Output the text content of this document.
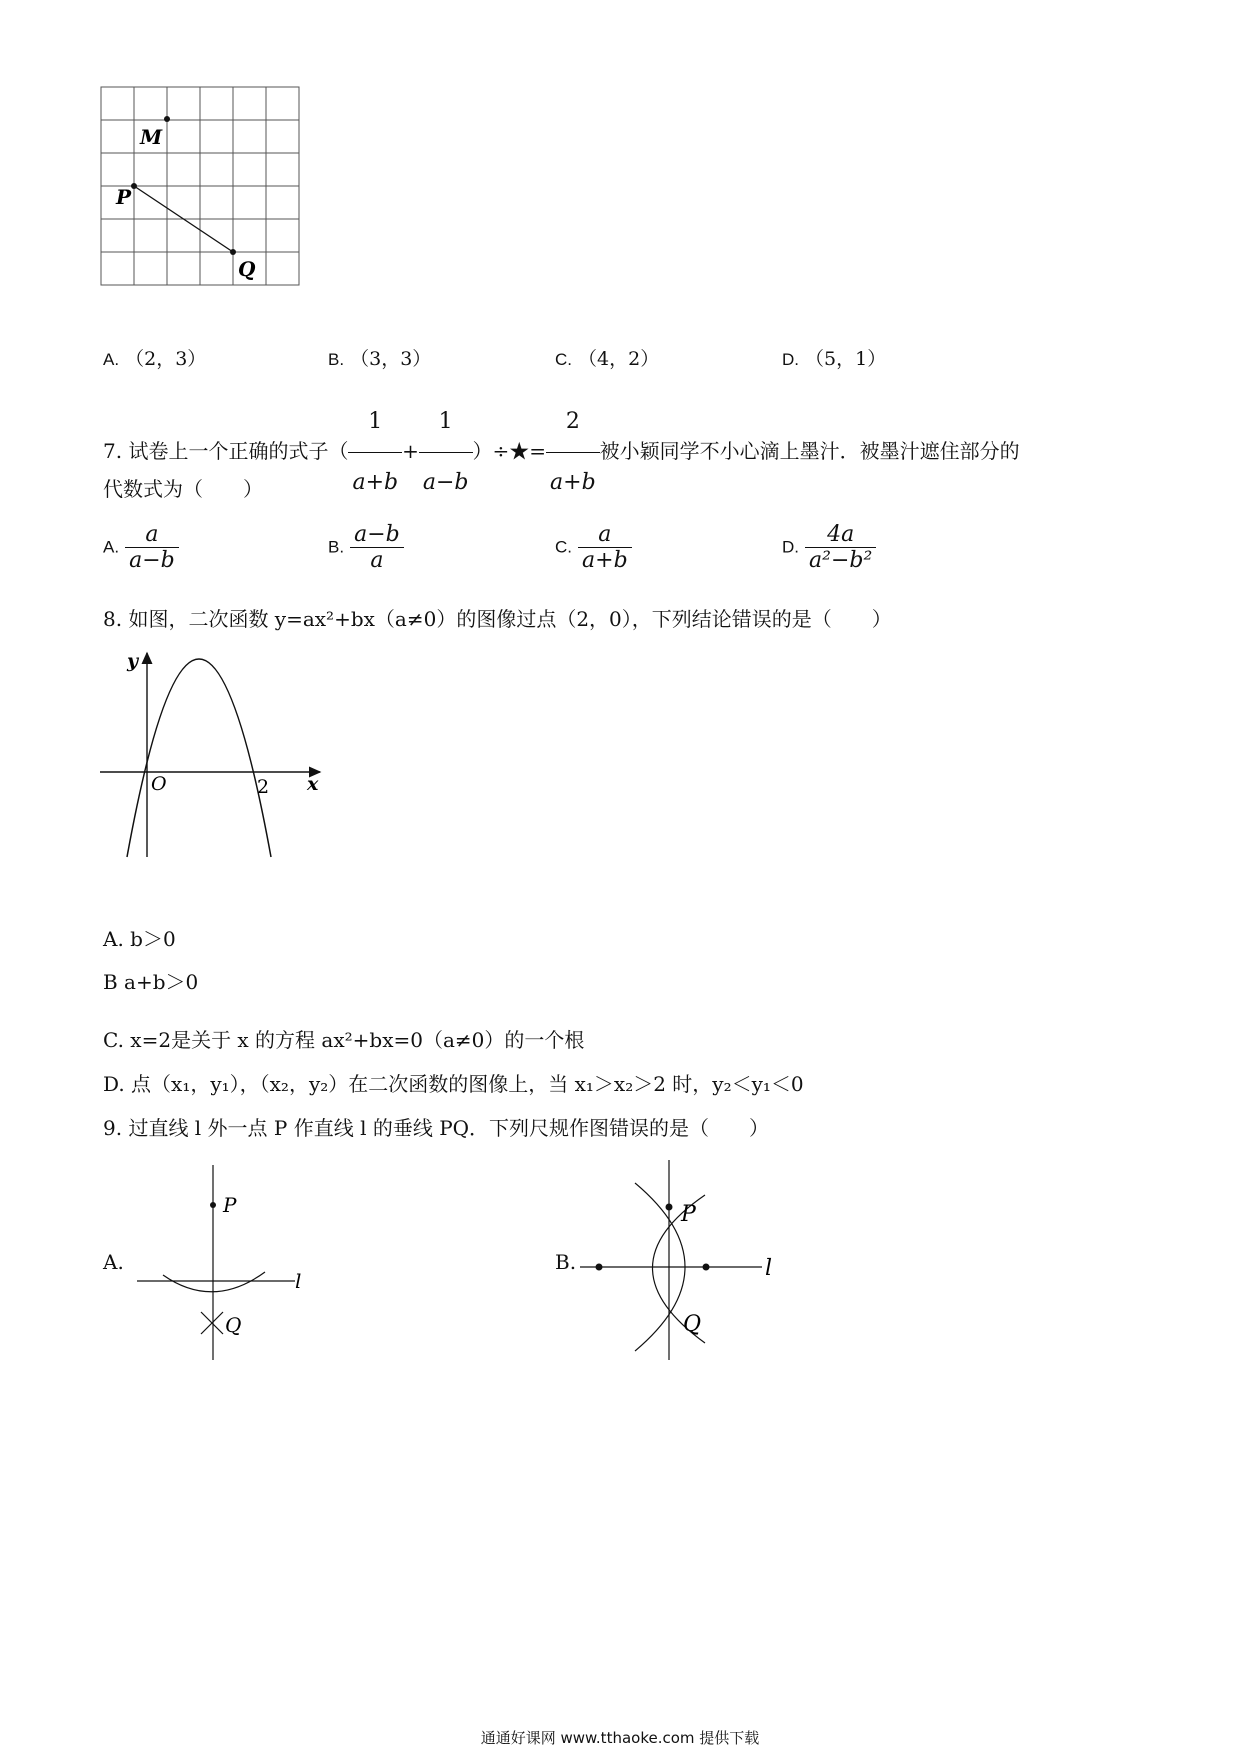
M
P
Q
A. （2，3）	B. （3，3）	C. （4，2）	D. （5，1）
7. 试卷上一个正确的式子（ $\frac{1}{a+b} + \frac{1}{a-b}$ ）÷★= $\frac{2}{a+b}$ 被小颖同学不小心滴上墨汁．被墨汁遮住部分的
代数式为（　　）
A. $\frac{a}{a-b}$	B. $\frac{a-b}{a}$	C. $\frac{a}{a+b}$	D. $\frac{4a}{\text{a²−b²}}$
8. 如图，二次函数 y=ax²+bx（a≠0）的图像过点（2，0），下列结论错误的是（　　）
y
x
O	2
A. b＞0
B a+b＞0
C. x=2是关于 x 的方程 ax²+bx=0（a≠0）的一个根
D. 点（x₁，y₁），（x₂，y₂）在二次函数的图像上，当 x₁＞x₂＞2 时，y₂＜y₁＜0
9. 过直线 l 外一点 P 作直线 l 的垂线 PQ．下列尺规作图错误的是（　　）
A.
P
Q
l
B.
P
Q
l
通通好课网 www.tthaoke.com 提供下载
